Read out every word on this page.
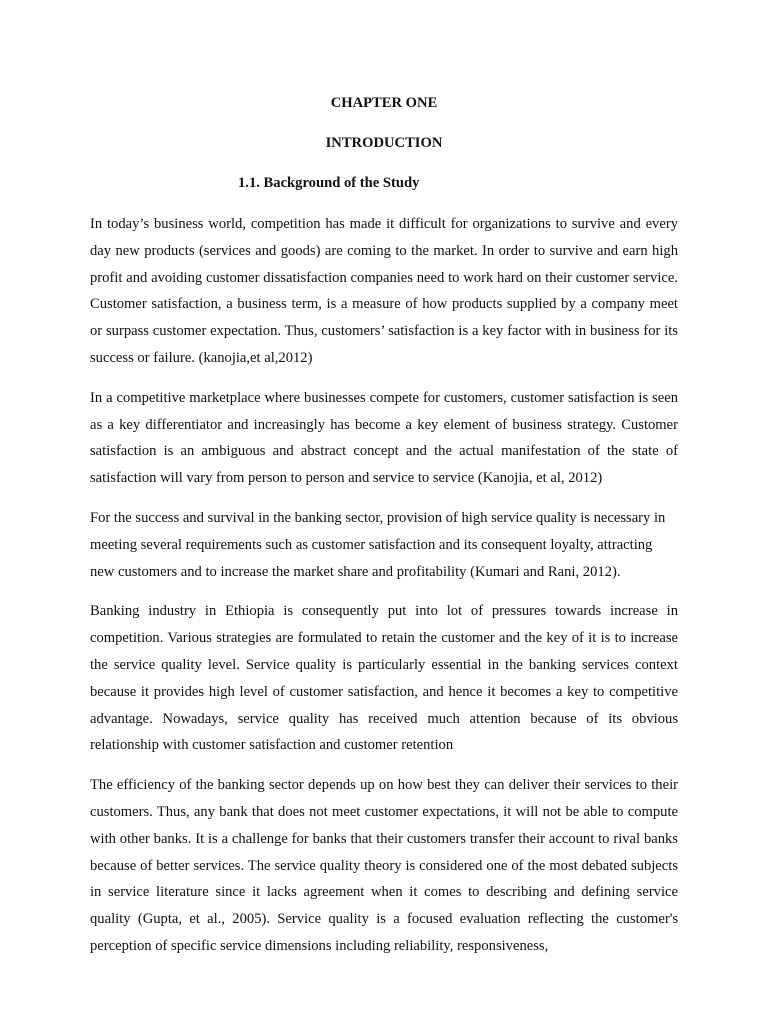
CHAPTER ONE

INTRODUCTION

1.1. Background of the Study

In today’s business world, competition has made it difficult for organizations to survive and every day new products (services and goods) are coming to the market. In order to survive and earn high profit and avoiding customer dissatisfaction companies need to work hard on their customer service. Customer satisfaction, a business term, is a measure of how products supplied by a company meet or surpass customer expectation. Thus, customers’ satisfaction is a key factor with in business for its success or failure. (kanojia,et al,2012)

In a competitive marketplace where businesses compete for customers, customer satisfaction is seen as a key differentiator and increasingly has become a key element of business strategy. Customer satisfaction is an ambiguous and abstract concept and the actual manifestation of the state of satisfaction will vary from person to person and service to service (Kanojia, et al, 2012)

For the success and survival in the banking sector, provision of high service quality is necessary in meeting several requirements such as customer satisfaction and its consequent loyalty, attracting new customers and to increase the market share and profitability (Kumari and Rani, 2012).

Banking industry in Ethiopia is consequently put into lot of pressures towards increase in competition. Various strategies are formulated to retain the customer and the key of it is to increase the service quality level. Service quality is particularly essential in the banking services context because it provides high level of customer satisfaction, and hence it becomes a key to competitive advantage. Nowadays, service quality has received much attention because of its obvious relationship with customer satisfaction and customer retention

The efficiency of the banking sector depends up on how best they can deliver their services to their customers. Thus, any bank that does not meet customer expectations, it will not be able to compute with other banks. It is a challenge for banks that their customers transfer their account to rival banks because of better services. The service quality theory is considered one of the most debated subjects in service literature since it lacks agreement when it comes to describing and defining service quality (Gupta, et al., 2005). Service quality is a focused evaluation reflecting the customer's perception of specific service dimensions including reliability, responsiveness,
